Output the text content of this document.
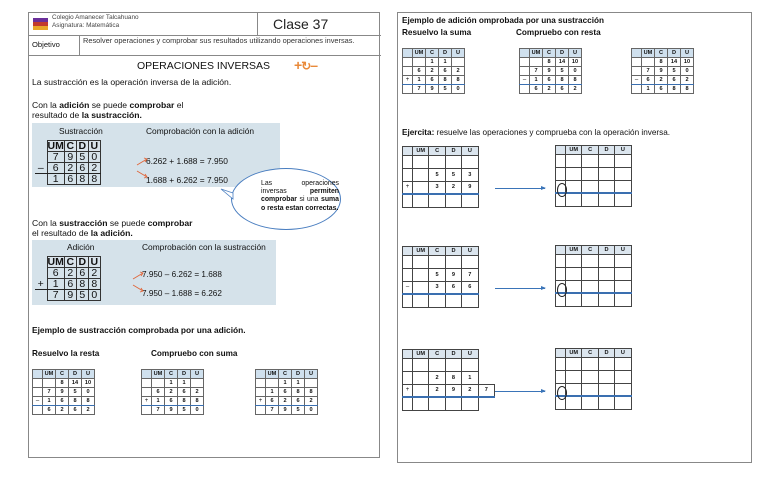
Colegio Amanecer Talcahuano
Asignatura: Matemática	Clase 37
Objetivo	Resolver operaciones y comprobar sus resultados utilizando operaciones inversas.
OPERACIONES INVERSAS +↻–
La sustracción es la operación inversa de la adición.
Con la adición se puede comprobar el
resultado de la sustracción.
Sustracción	Comprobación con la adición
	UM	C	D	U
	7	9	5	0
–	6	2	6	2
	1	6	8	8
6.262 + 1.688 = 7.950
1.688 + 6.262 = 7.950	Las operaciones inversas permiten comprobar si una suma o resta estan correctas.
Con la sustracción se puede comprobar
el resultado de la adición.
Adición	Comprobación con la sustracción
	UM	C	D	U
	6	2	6	2
+	1	6	8	8
	7	9	5	0
7.950 – 6.262 = 1.688
7.950 – 1.688 = 6.262
Ejemplo de sustracción comprobada por una adición.
Resuelvo la resta	Compruebo con suma
	UM	C	D	U
		8	14	10
	7	9	5	0
–	1	6	8	8
	6	2	6	2
	UM	C	D	U
		1	1	
	6	2	6	2
+	1	6	8	8
	7	9	5	0
	UM	C	D	U
		1	1	
	1	6	8	8
+	6	2	6	2
	7	9	5	0
Ejemplo de adición omprobada por una sustracción
Resuelvo la suma	Compruebo con resta
	UM	C	D	U
		1	1	
	6	2	6	2
+	1	6	8	8
	7	9	5	0
	UM	C	D	U
		8	14	10
	7	9	5	0
–	1	6	8	8
	6	2	6	2
	UM	C	D	U
		8	14	10
	7	9	5	0
–	6	2	6	2
	1	6	8	8
Ejercita: resuelve las operaciones y comprueba con la operación inversa.
	UM	C	D	U

		5	5	3
+		3	2	9

	UM	C	D	U

	UM	C	D	U

		5	9	7
–		3	6	6

	UM	C	D	U

	UM	C	D	U	

		2	8	1	
+		2	9	2	7

	UM	C	D	U
